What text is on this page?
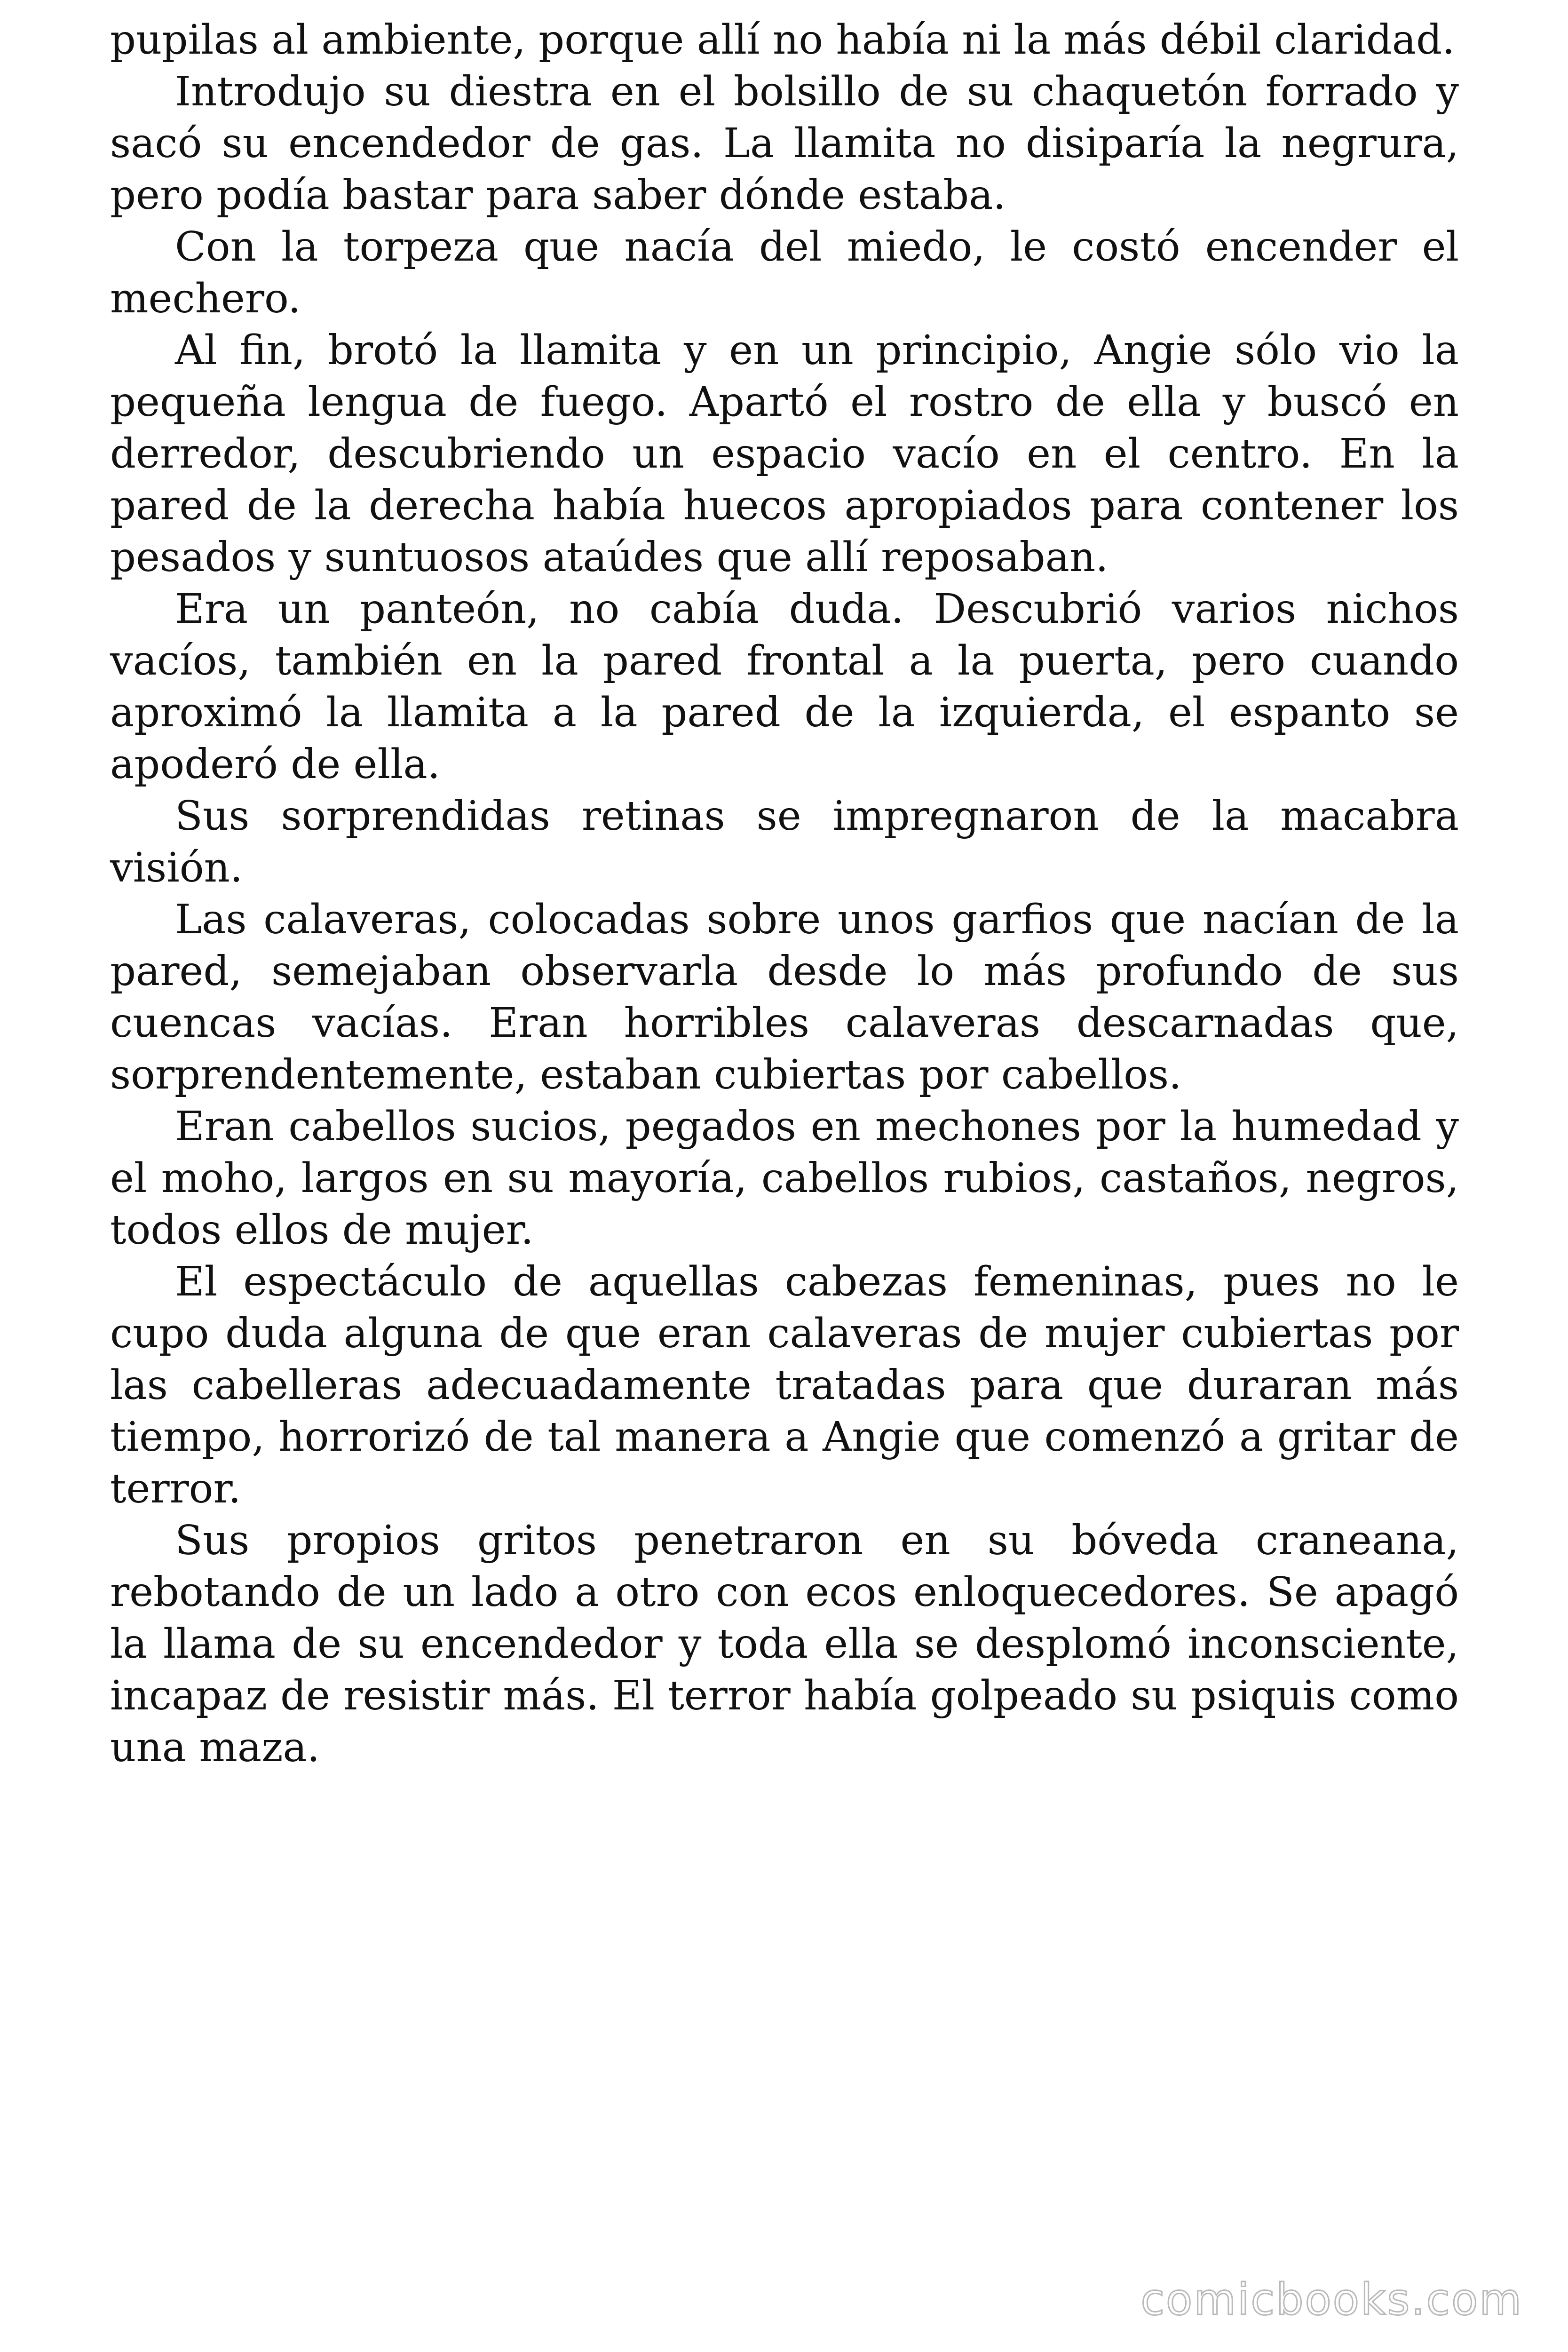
pupilas al ambiente, porque allí no había ni la más débil claridad.

Introdujo su diestra en el bolsillo de su chaquetón forrado y sacó su encendedor de gas. La llamita no disiparía la negrura, pero podía bastar para saber dónde estaba.

Con la torpeza que nacía del miedo, le costó encender el mechero.

Al fin, brotó la llamita y en un principio, Angie sólo vio la pequeña lengua de fuego. Apartó el rostro de ella y buscó en derredor, descubriendo un espacio vacío en el centro. En la pared de la derecha había huecos apropiados para contener los pesados y suntuosos ataúdes que allí reposaban.

Era un panteón, no cabía duda. Descubrió varios nichos vacíos, también en la pared frontal a la puerta, pero cuando aproximó la llamita a la pared de la izquierda, el espanto se apoderó de ella.

Sus sorprendidas retinas se impregnaron de la macabra visión.

Las calaveras, colocadas sobre unos garfios que nacían de la pared, semejaban observarla desde lo más profundo de sus cuencas vacías. Eran horribles calaveras descarnadas que, sorprendentemente, estaban cubiertas por cabellos.

Eran cabellos sucios, pegados en mechones por la humedad y el moho, largos en su mayoría, cabellos rubios, castaños, negros, todos ellos de mujer.

El espectáculo de aquellas cabezas femeninas, pues no le cupo duda alguna de que eran calaveras de mujer cubiertas por las cabelleras adecuadamente tratadas para que duraran más tiempo, horrorizó de tal manera a Angie que comenzó a gritar de terror.

Sus propios gritos penetraron en su bóveda craneana, rebotando de un lado a otro con ecos enloquecedores. Se apagó la llama de su encendedor y toda ella se desplomó inconsciente, incapaz de resistir más. El terror había golpeado su psiquis como una maza.

comicbooks.com
